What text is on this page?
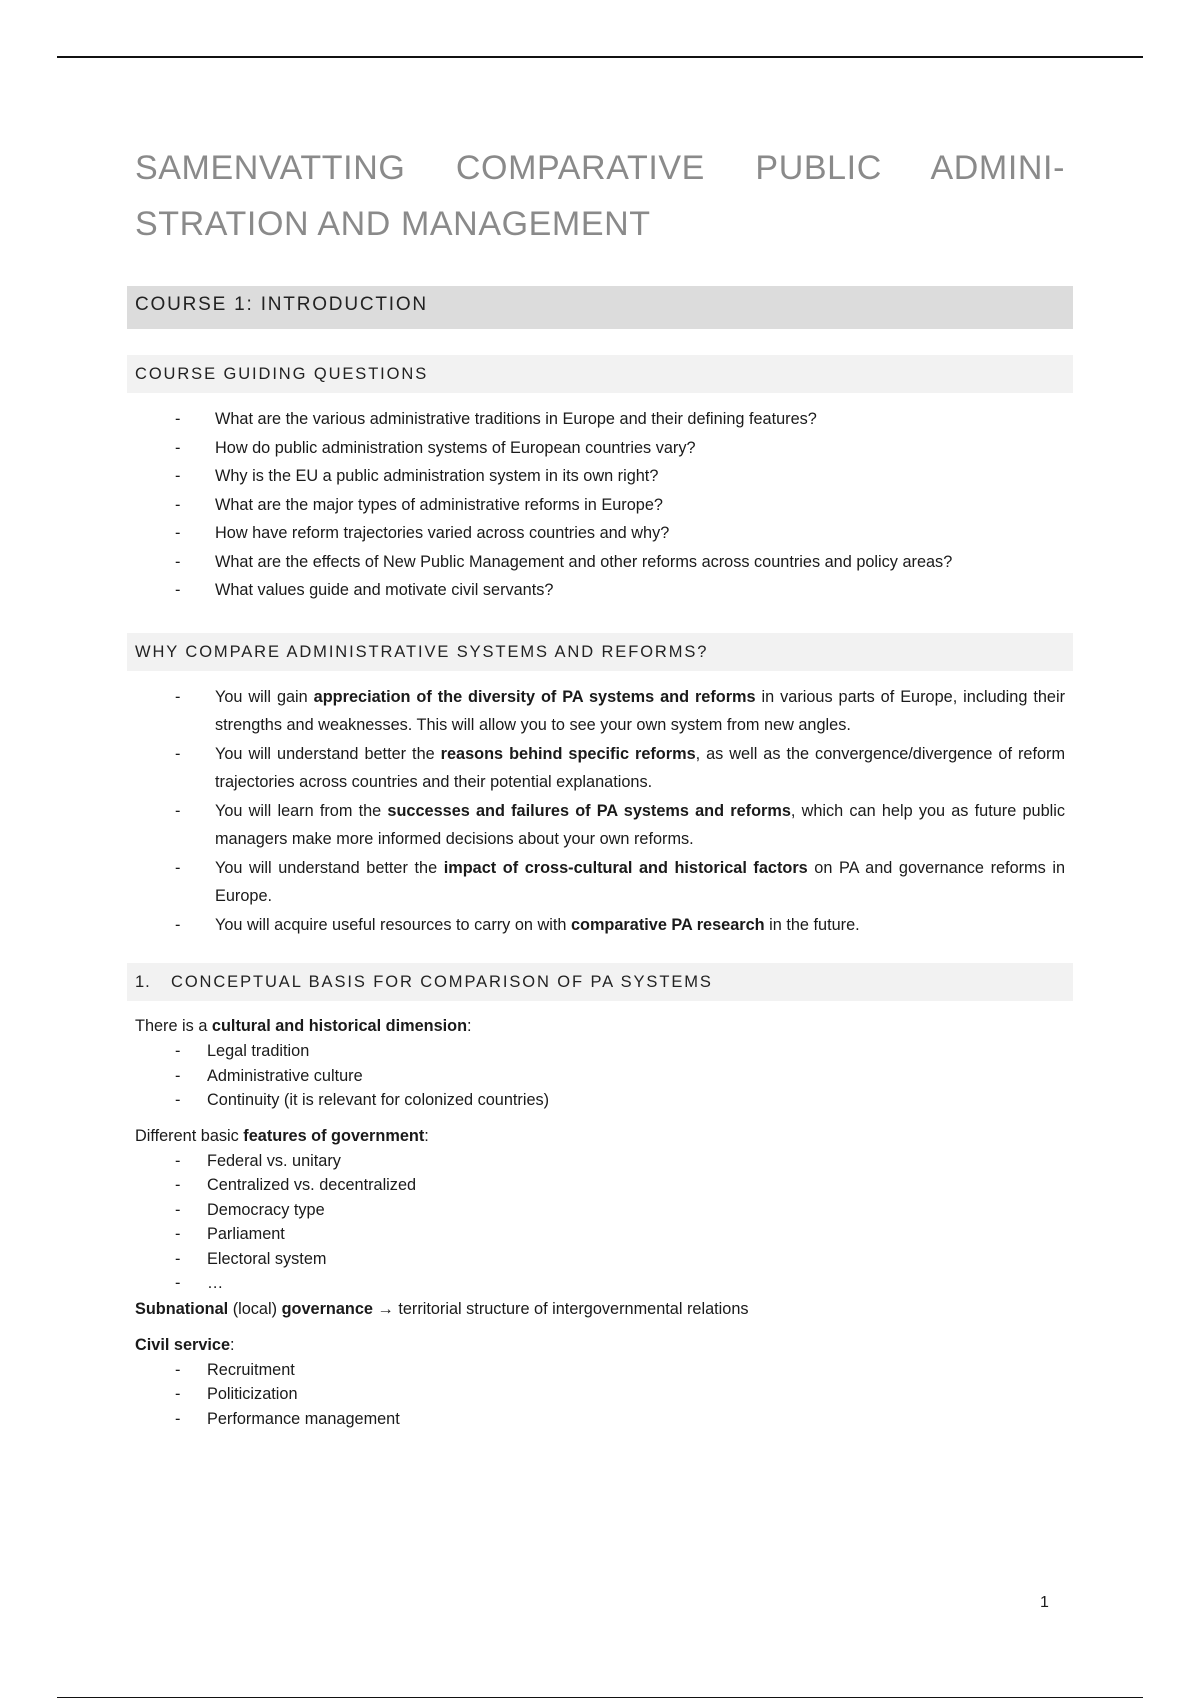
SAMENVATTING COMPARATIVE PUBLIC ADMINI-STRATION AND MANAGEMENT
COURSE 1: INTRODUCTION
COURSE GUIDING QUESTIONS
- What are the various administrative traditions in Europe and their defining features?
- How do public administration systems of European countries vary?
- Why is the EU a public administration system in its own right?
- What are the major types of administrative reforms in Europe?
- How have reform trajectories varied across countries and why?
- What are the effects of New Public Management and other reforms across countries and policy areas?
- What values guide and motivate civil servants?
WHY COMPARE ADMINISTRATIVE SYSTEMS AND REFORMS?
- You will gain appreciation of the diversity of PA systems and reforms in various parts of Europe, including their strengths and weaknesses. This will allow you to see your own system from new angles.
- You will understand better the reasons behind specific reforms, as well as the convergence/divergence of reform trajectories across countries and their potential explanations.
- You will learn from the successes and failures of PA systems and reforms, which can help you as future public managers make more informed decisions about your own reforms.
- You will understand better the impact of cross-cultural and historical factors on PA and governance reforms in Europe.
- You will acquire useful resources to carry on with comparative PA research in the future.
1. CONCEPTUAL BASIS FOR COMPARISON OF PA SYSTEMS

There is a cultural and historical dimension:

- Legal tradition
- Administrative culture
- Continuity (it is relevant for colonized countries)

Different basic features of government:

- Federal vs. unitary
- Centralized vs. decentralized
- Democracy type
- Parliament
- Electoral system
- …

Subnational (local) governance → territorial structure of intergovernmental relations

Civil service:

- Recruitment
- Politicization
- Performance management
1
